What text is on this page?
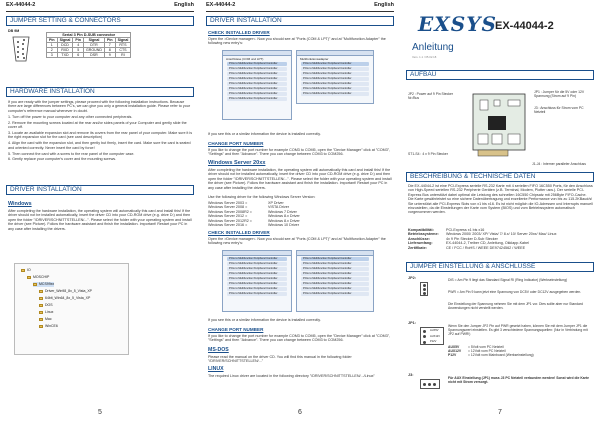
EX-44044-2	English
JUMPER SETTING & CONNECTORS
DB 9M
Serial 3 Pin D-SUB connector
Pin	Signal	Pin	Signal	Pin	Signal
1	DCD	4	DTR	7	RTS
2	RXD	5	GROUND	8	CTS
3	TXD	6	DSR	9	RI
HARDWARE INSTALLATION

If you are ready with the jumper settings, please proceed with the following installation instructions. Because there are large differences between PC's, we can give you only a general installation guide. Please refer to your computer's reference manual whenever in doubt.

1. Turn off the power to your computer and any other connected peripherals.

2. Remove the mounting screws located at the rear and/or sides panels of your Computer and gently slide the cover off.

3. Locate an available expansion slot and remove its covers from the rear panel of your computer. Make sure it is the right expansion slot for the card (see card description)

4. Align the card with the expansion slot, and then gently but firmly, insert the card. Make sure the card is seated and oriented correctly. Never insert the card by force!

5. Then connect the card with a screw to the rear panel of the computer case.

6. Gently replace your computer's cover and the mounting screws.

DRIVER INSTALLATION
Windows
After completing the hardware installation, the operating system will automatically this card and install this! If the driver should not be installed automatically, insert the driver CD into your CD-ROM drive (e.g. drive D:) and then open the folder "/DRIVER/SCHNITTSTELLEN/...". Please select the folder with your operating system and install the driver (see Picture). Follow the hardware assistant and finish the installation. Important! Restart your PC in any case after installing the drivers.
IO
MOSCHIP
MCS99xx
Driver_Win98_8x_5_Vista_XP
64bit_Win64_8x_5_Vista_XP
DOS
Linux
Mac
WinCE6
5
EX-44044-2	English
DRIVER INSTALLATION
CHECK INSTALLED DRIVER
Open the >Device manager<. Now you should see at "Ports (COM & LPT)" and at "Multifunction Adapter" the following new entry's:
Anschlüsse (COM und LPT)
PCIe to Multifunction Peripheral Controller
PCIe to Multifunction Peripheral Controller
PCIe to Multifunction Peripheral Controller
PCIe to Multifunction Peripheral Controller
PCIe to Multifunction Peripheral Controller
PCIe to Multifunction Peripheral Controller
PCIe to Multifunction Peripheral Controller
PCIe to Multifunction Peripheral Controller
Multifunktionsadapter
PCIe to Multifunction Peripheral Controller
PCIe to Multifunction Peripheral Controller
PCIe to Multifunction Peripheral Controller
PCIe to Multifunction Peripheral Controller
PCIe to Multifunction Peripheral Controller
PCIe to Multifunction Peripheral Controller
PCIe to Multifunction Peripheral Controller
If you see this or a similar information the device is installed correctly.
CHANGE PORT NUMBER
If you like to change the port number for example COM3 to COM5, open the "Device Manager" click at "COM3", "Settings" and then "Advance". There you can change between COM3 to COM256.
Windows Server 20xx
After completing the hardware installation, the operating system will automatically this card and install this! If the driver should not be installed automatically, insert the driver CD into your CD-ROM drive (e.g. drive D:) and then open the folder "/DRIVER/SCHNITTSTELLEN/...". Please select the folder with your operating system and install the driver (see Picture). Follow the hardware assistant and finish the installation. Important! Restart your PC in any case after installing the drivers.

Use the following driver for the following Windows Server Version:

Windows Server 2003 =	XP Driver
Windows Server 2008 =	VISTA Driver
Windows Server 2008R2 =	Windows 7 Driver
Windows Server 2012 =	Windows 8.x Driver
Windows Server 2012R2 =	Windows 8.x Driver
Windows Server 2016 =	Windows 10 Driver
CHECK INSTALLED DRIVER
Open the >Device manager<. Now you should see at "Ports (COM & LPT)" and at "Multifunction Adapter" the following new entry's:
PCIe to Multifunction Peripheral Controller
PCIe to Multifunction Peripheral Controller
PCIe to Multifunction Peripheral Controller
PCIe to Multifunction Peripheral Controller
PCIe to Multifunction Peripheral Controller
PCIe to Multifunction Peripheral Controller
PCIe to Multifunction Peripheral Controller
PCIe to Multifunction Peripheral Controller
PCIe to Multifunction Peripheral Controller
PCIe to Multifunction Peripheral Controller
PCIe to Multifunction Peripheral Controller
PCIe to Multifunction Peripheral Controller
PCIe to Multifunction Peripheral Controller
PCIe to Multifunction Peripheral Controller
PCIe to Multifunction Peripheral Controller
PCIe to Multifunction Peripheral Controller
If you see this or a similar information the device is installed correctly.
CHANGE PORT NUMBER
If you like to change the port number for example COM3 to COM5, open the "Device Manager" click at "COM3", "Settings" and then "Advance". There you can change between COM3 to COM256.
MS-DOS
Please read the manual on the driver CD. You will find this manual in the following folder "/DRIVER/SCHNITTSTELLEN/..."
LINUX
The required Linux driver are located in the following directory "/DRIVER/SCHNITTSTELLEN/.../Linux"
6
EXSYS
EX-44044-2
Anleitung
Vers. 1.1 / 05.02.18
AUFBAU
JP2 : Power auf 9 Pin Stecker Nr./Bus
JP1 : Jumper für die 5V oder 12V Spannung (Strom auf 9 Pin)
J3 : Anschluss für Strom vom PC Netzteil
ST1-S4 : 4 x 9 Pin Stecker
J1-J4 : Interner paralleler Anschluss
BESCHREIBUNG & TECHNISCHE DATEN
Die EX-44044-2 ist eine PCI-Express serielle RS-232 Karte mit 4 seriellen FIFO 16C550 Ports, für den Anschluss von High-Speed seriellen RS-232 Peripherie Geräten (z.B. Terminal, Modem, Plotter usw.). Der serielle PCI-Express Bus unterstützt dabei optimal die Leistung des schnellen 16C550 Chipsatz mit 256Byte FIFO-Cache. Die Karte gewährleistet so eine sichere Datenübertragung und exzellente Performance von bis zu 115.2KBaud/s! Sie unterstützt alle PCI-Express Slots von x1 bis x16. Es ist nicht möglich die IO-Adressen und Interrupts manuell einzustellen, da die Einstellungen der Karte vom System (BIOS) und vom Betriebssystem automatisch vorgenommen werden.
Kompatibilität:	PCI-Express x1 bis x16
Betriebssysteme:	Windows 2000/ 2003/ XP/ Vista/ 7/ 8.x/ 10/ Server 20xx/ Mac/ Linux
Anschlüsse:	4x 9 Pin Stecker D-Sub Stecker
Lieferumfang:	EX-44044-2, Treiber CD, Anleitung, Okklapp-Kabel
Zertifikate:	CE / FCC / RoHS / WEEE DE97424562 / WEEE
JUMPER EINSTELLUNG & ANSCHLÜSSE
JP2:	DIS = Am Pin 9 liegt das Standard Signal RI (Ring Indicator) (Werkseinstellung)
PWR = Am Pin 9 kann jetzt eine Spannung von DC5V oder DC12V ausgegeben werden.
Die Einstellung der Spannung nehmen Sie mit dem JP1 vor. Dies sollte aber nur Standard Anwendungen nicht verstellt werden.
JP1:
AUX5V
AUX12V
P12V
Wenn Sie den Jumper JP2 Pin auf PWR gesetzt haben, können Sie mit dem Jumper JP1 die Spannungswert einstellen. Es gibt 3 verschiedene Spannungsquellen: (Nur in Verbindung mit JP2 auf PWR!)
AUX5V	= 5Volt vom PC Netzteil
AUX12V	= 12Volt vom PC Netzteil
P12V	= 12Volt vom Mainboard (Werkseinstellung)
J3:
Für AUX Einstellung (JP1) muss J3 PC Netzteil verbunden werden! Sonst wird die Karte nicht mit Strom versorgt.
7
